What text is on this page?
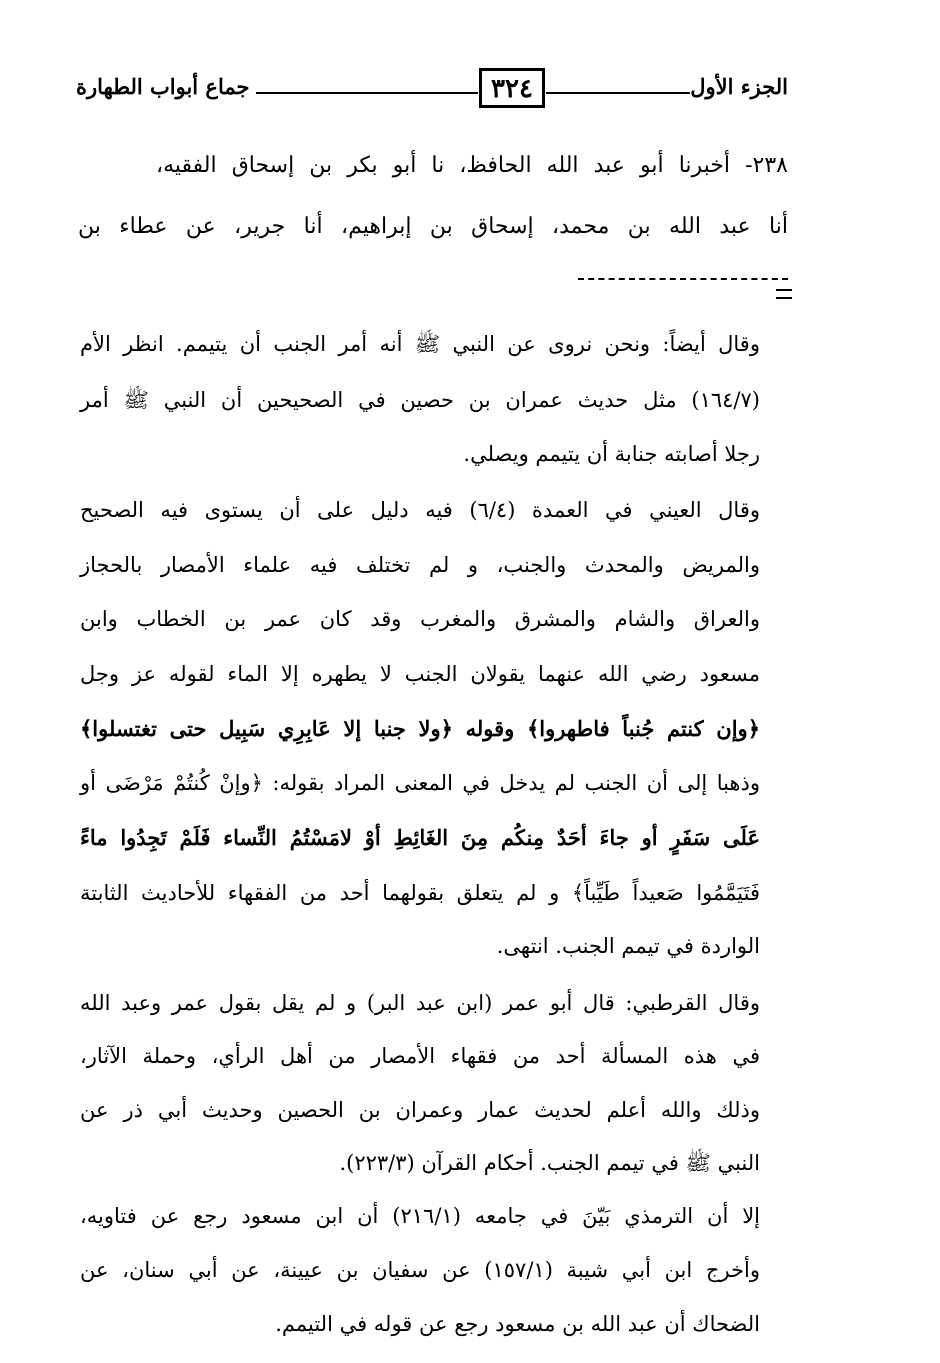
جماع أبواب الطهارة	٣٢٤	الجزء الأول
٢٣٨- أخبرنا أبو عبد الله الحافظ، نا أبو بكر بن إسحاق الفقيه،
أنا عبد الله بن محمد، إسحاق بن إبراهيم، أنا جرير، عن عطاء بن
وقال أيضاً: ونحن نروى عن النبي ﷺ أنه أمر الجنب أن يتيمم. انظر الأم
(١٦٤/٧) مثل حديث عمران بن حصين في الصحيحين أن النبي ﷺ أمر
رجلا أصابته جنابة أن يتيمم ويصلي.
وقال العيني في العمدة (٦/٤) فيه دليل على أن يستوى فيه الصحيح
والمريض والمحدث والجنب، و لم تختلف فيه علماء الأمصار بالحجاز
والعراق والشام والمشرق والمغرب وقد كان عمر بن الخطاب وابن
مسعود رضي الله عنهما يقولان الجنب لا يطهره إلا الماء لقوله عز وجل
﴿وإن كنتم جُنباً فاطهروا﴾ وقوله ﴿ولا جنبا إلا عَابِرِي سَبِيل حتى تغتسلوا﴾
وذهبا إلى أن الجنب لم يدخل في المعنى المراد بقوله: ﴿وإنْ كُنتُمْ مَرْضَى أو
عَلَى سَفَرٍ أو جاءَ أحَدٌ مِنكُم مِنَ الغَائِطِ أوْ لامَسْتُمُ النِّساء فَلَمْ تَجِدُوا ماءً
فَتَيَمَّمُوا صَعيداً طَيِّباً﴾ و لم يتعلق بقولهما أحد من الفقهاء للأحاديث الثابتة
الواردة في تيمم الجنب. انتهى.
وقال القرطبي: قال أبو عمر (ابن عبد البر) و لم يقل بقول عمر وعبد الله
في هذه المسألة أحد من فقهاء الأمصار من أهل الرأي، وحملة الآثار،
وذلك والله أعلم لحديث عمار وعمران بن الحصين وحديث أبي ذر عن
النبي ﷺ في تيمم الجنب. أحكام القرآن (٢٢٣/٣).
إلا أن الترمذي بَيّنَ في جامعه (٢١٦/١) أن ابن مسعود رجع عن فتاويه،
وأخرج ابن أبي شيبة (١٥٧/١) عن سفيان بن عيينة، عن أبي سنان، عن
الضحاك أن عبد الله بن مسعود رجع عن قوله في التيمم.
